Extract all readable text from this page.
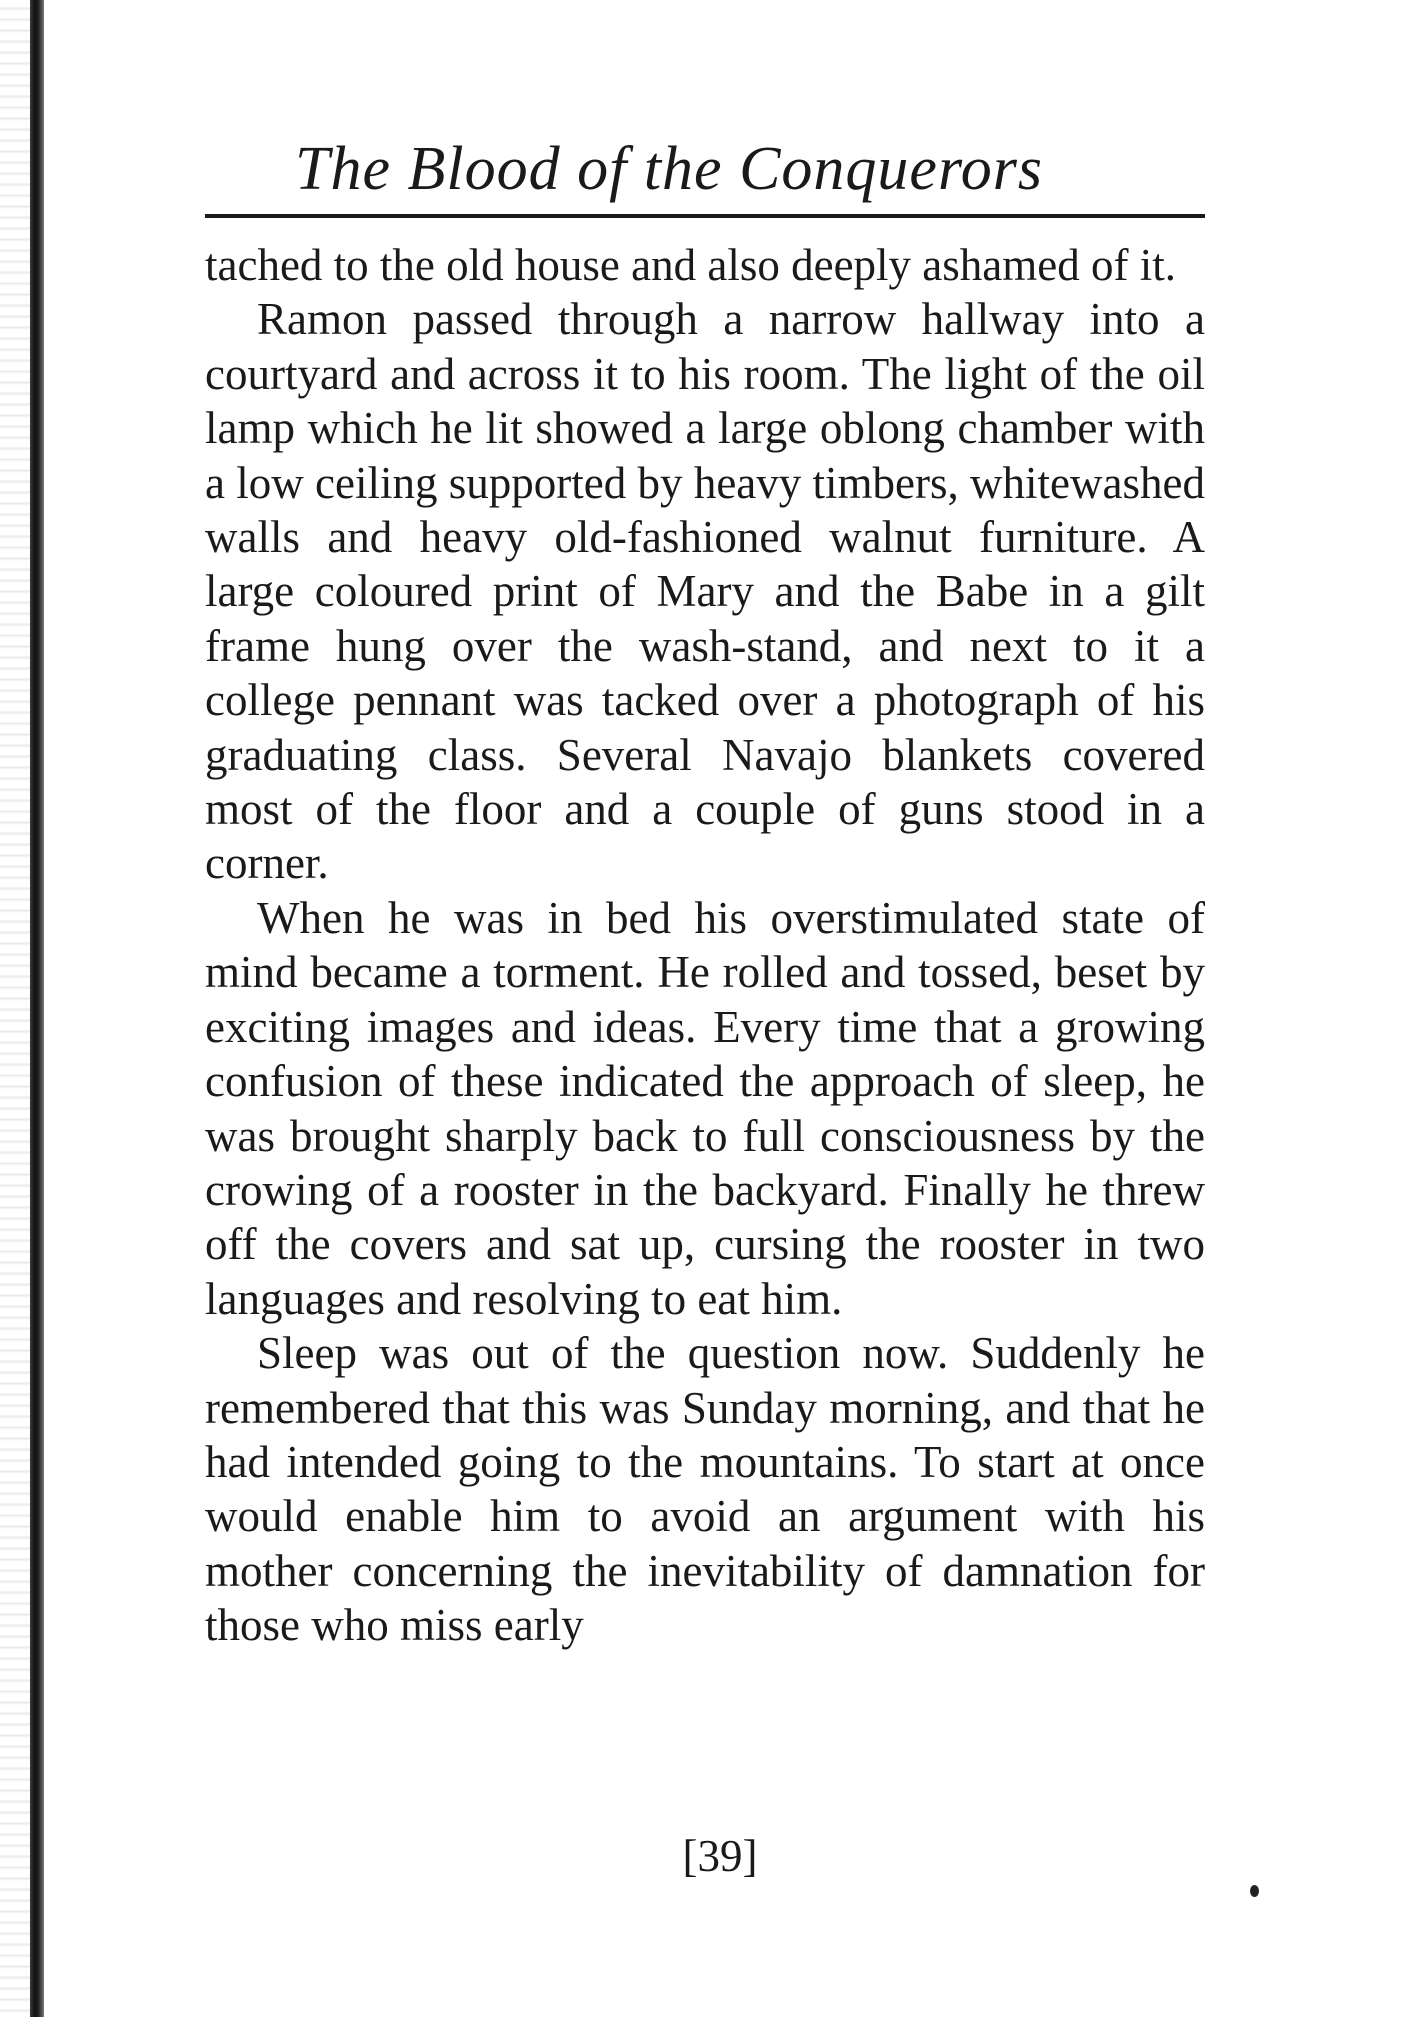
The Blood of the Conquerors

tached to the old house and also deeply ashamed of it.

Ramon passed through a narrow hallway into a courtyard and across it to his room. The light of the oil lamp which he lit showed a large oblong chamber with a low ceiling supported by heavy timbers, whitewashed walls and heavy old-fashioned walnut furniture. A large coloured print of Mary and the Babe in a gilt frame hung over the wash-stand, and next to it a college pennant was tacked over a photograph of his graduating class. Several Navajo blankets covered most of the floor and a couple of guns stood in a corner.

When he was in bed his overstimulated state of mind became a torment. He rolled and tossed, beset by exciting images and ideas. Every time that a growing confusion of these indicated the approach of sleep, he was brought sharply back to full consciousness by the crowing of a rooster in the backyard. Finally he threw off the covers and sat up, cursing the rooster in two languages and resolving to eat him.

Sleep was out of the question now. Suddenly he remembered that this was Sunday morning, and that he had intended going to the mountains. To start at once would enable him to avoid an argument with his mother concerning the inevitability of damnation for those who miss early

[39]
